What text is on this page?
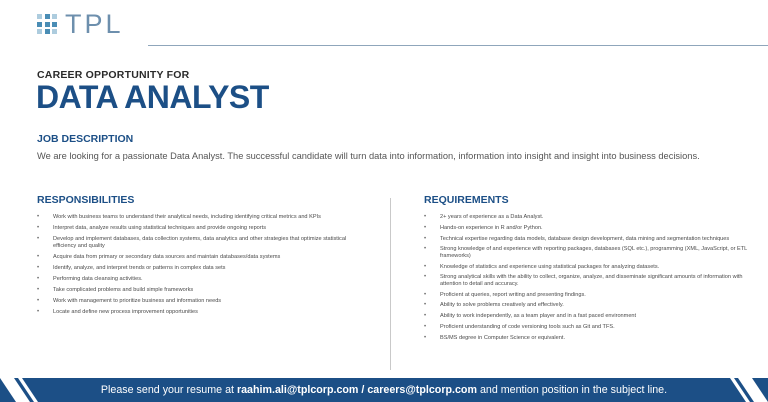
TPL
CAREER OPPORTUNITY FOR
DATA ANALYST
JOB DESCRIPTION
We are looking for a passionate Data Analyst. The successful candidate will turn data into information, information into insight and insight into business decisions.
RESPONSIBILITIES	REQUIREMENTS
• Work with business teams to understand their analytical needs, including identifying critical metrics and KPIs
• Interpret data, analyze results using statistical techniques and provide ongoing reports
• Develop and implement databases, data collection systems, data analytics and other strategies that optimize statistical efficiency and quality
• Acquire data from primary or secondary data sources and maintain databases/data systems
• Identify, analyze, and interpret trends or patterns in complex data sets
• Performing data cleansing activities.
• Take complicated problems and build simple frameworks
• Work with management to prioritize business and information needs
• Locate and define new process improvement opportunities
• 2+ years of experience as a Data Analyst.
• Hands-on experience in R and/or Python.
• Technical expertise regarding data models, database design development, data mining and segmentation techniques
• Strong knowledge of and experience with reporting packages, databases (SQL etc.), programming (XML, JavaScript, or ETL frameworks)
• Knowledge of statistics and experience using statistical packages for analyzing datasets.
• Strong analytical skills with the ability to collect, organize, analyze, and disseminate significant amounts of information with attention to detail and accuracy.
• Proficient at queries, report writing and presenting findings.
• Ability to solve problems creatively and effectively.
• Ability to work independently, as a team player and in a fast paced environment
• Proficient understanding of code versioning tools such as Git and TFS.
• BS/MS degree in Computer Science or equivalent.
Please send your resume at raahim.ali@tplcorp.com / careers@tplcorp.com and mention position in the subject line.
